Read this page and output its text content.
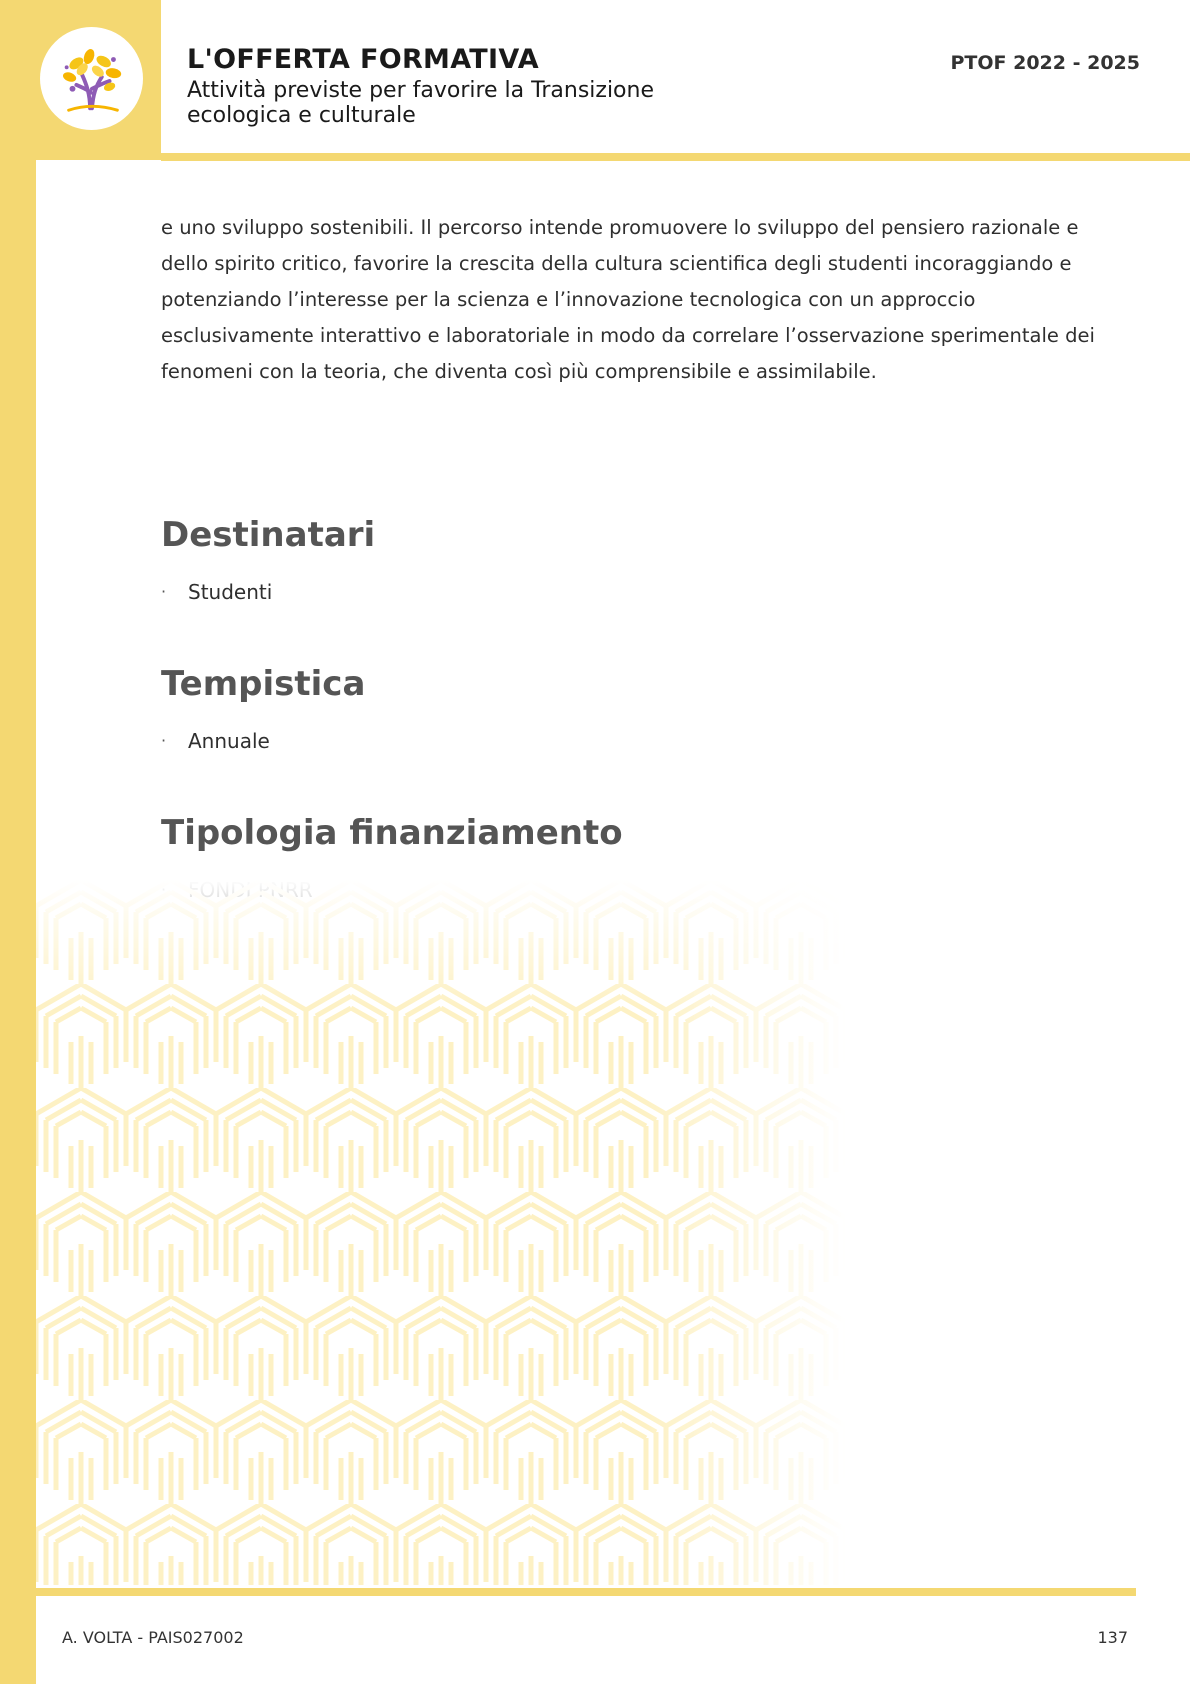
L'OFFERTA FORMATIVA

Attività previste per favorire la Transizione ecologica e culturale

PTOF 2022 - 2025

e uno sviluppo sostenibili. Il percorso intende promuovere lo sviluppo del pensiero razionale e dello spirito critico, favorire la crescita della cultura scientifica degli studenti incoraggiando e potenziando l’interesse per la scienza e l’innovazione tecnologica con un approccio esclusivamente interattivo e laboratoriale in modo da correlare l’osservazione sperimentale dei fenomeni con la teoria, che diventa così più comprensibile e assimilabile.

Destinatari
· Studenti
Tempistica
· Annuale
Tipologia finanziamento
A. VOLTA - PAIS027002	137
